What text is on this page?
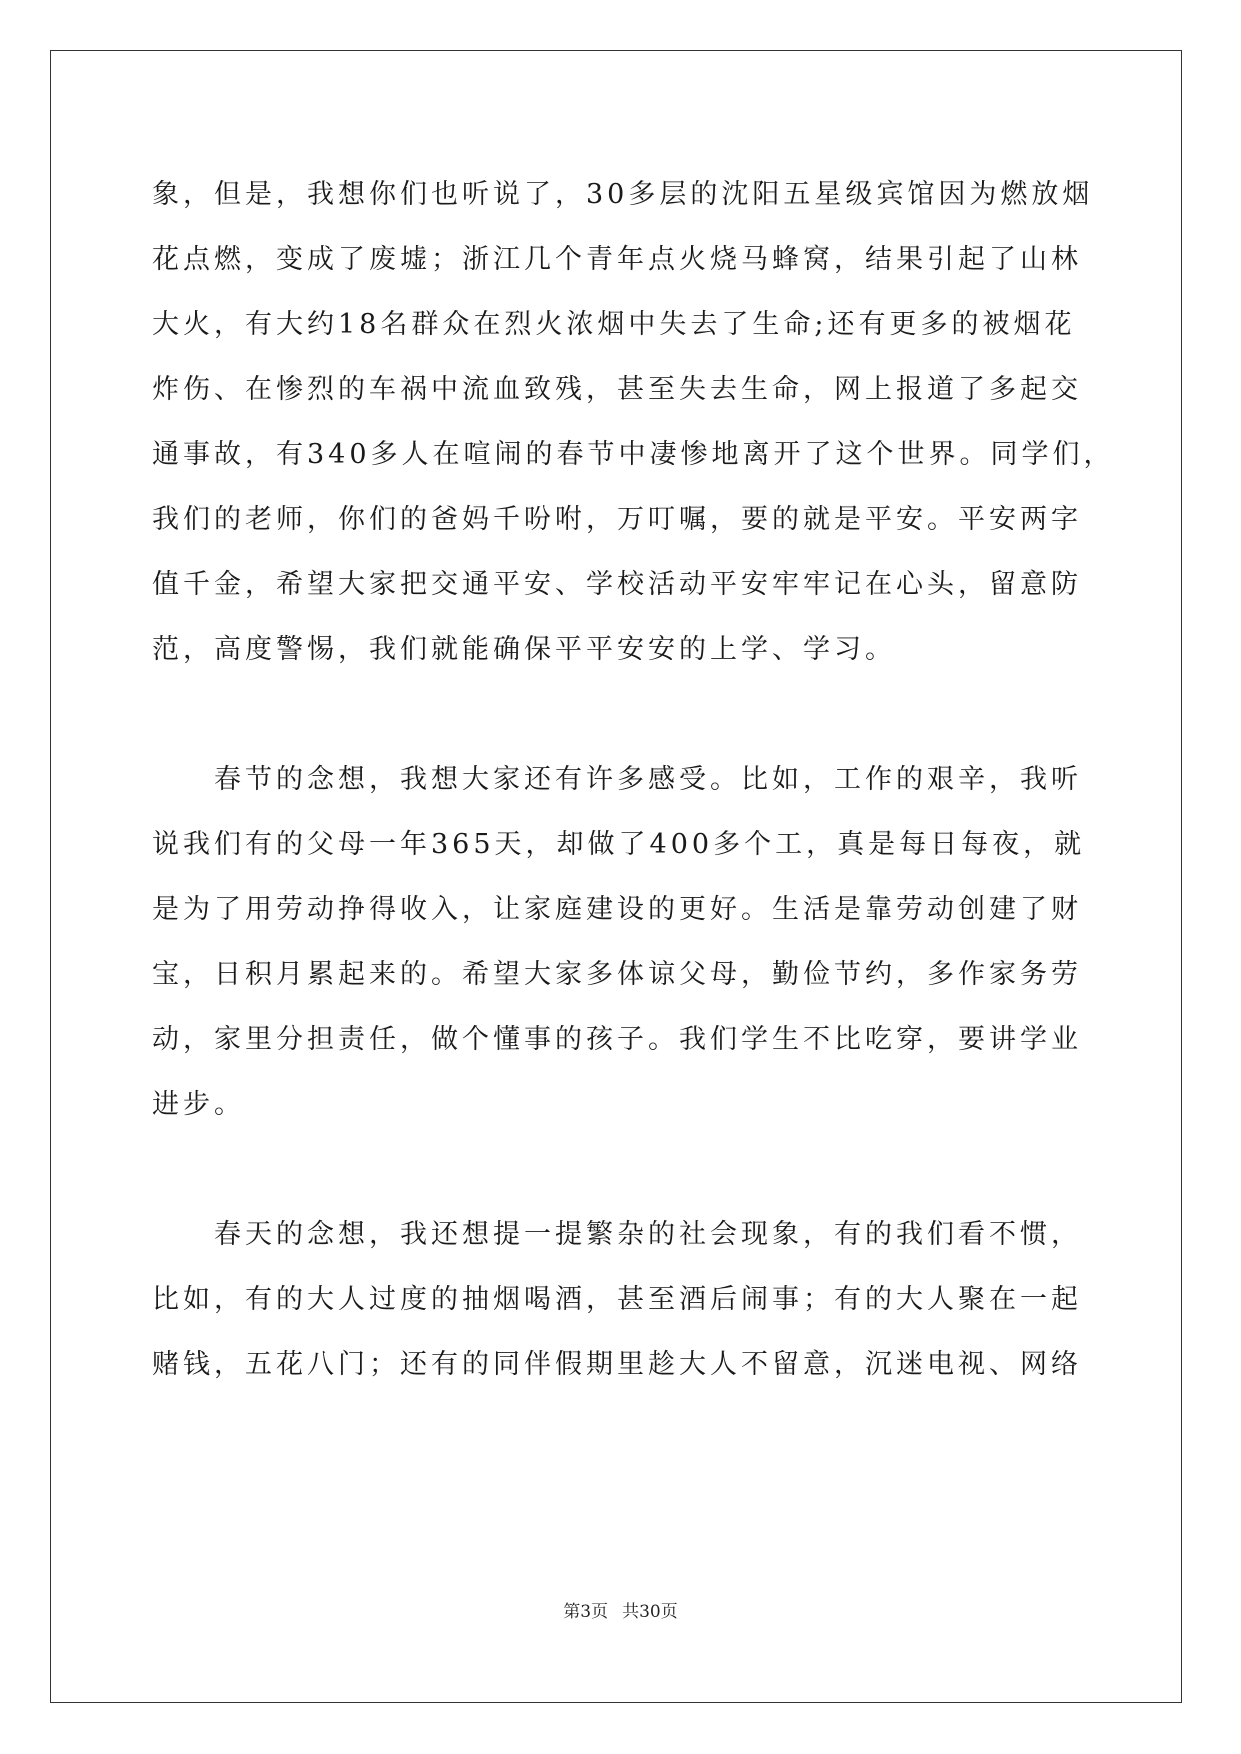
象，但是，我想你们也听说了，30多层的沈阳五星级宾馆因为燃放烟
花点燃，变成了废墟；浙江几个青年点火烧马蜂窝，结果引起了山林
大火，有大约18名群众在烈火浓烟中失去了生命;还有更多的被烟花
炸伤、在惨烈的车祸中流血致残，甚至失去生命，网上报道了多起交
通事故，有340多人在喧闹的春节中凄惨地离开了这个世界。同学们，
我们的老师，你们的爸妈千吩咐，万叮嘱，要的就是平安。平安两字
值千金，希望大家把交通平安、学校活动平安牢牢记在心头，留意防
范，高度警惕，我们就能确保平平安安的上学、学习。
春节的念想，我想大家还有许多感受。比如，工作的艰辛，我听
说我们有的父母一年365天，却做了400多个工，真是每日每夜，就
是为了用劳动挣得收入，让家庭建设的更好。生活是靠劳动创建了财
宝，日积月累起来的。希望大家多体谅父母，勤俭节约，多作家务劳
动，家里分担责任，做个懂事的孩子。我们学生不比吃穿，要讲学业
进步。
春天的念想，我还想提一提繁杂的社会现象，有的我们看不惯，
比如，有的大人过度的抽烟喝酒，甚至酒后闹事；有的大人聚在一起
赌钱，五花八门；还有的同伴假期里趁大人不留意，沉迷电视、网络
第3页 共30页
